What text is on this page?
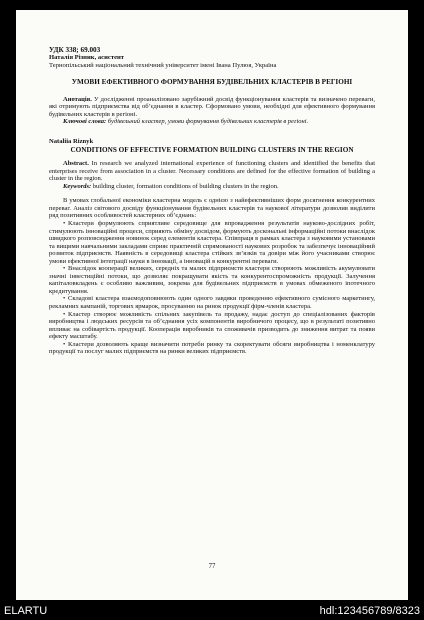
УДК 338; 69.003
Наталія Різник, асистент
Тернопільський національний технічний університет імені Івана Пулюя, Україна
УМОВИ ЕФЕКТИВНОГО ФОРМУВАННЯ БУДІВЕЛЬНИХ КЛАСТЕРІВ В РЕГІОНІ
Анотація. У дослідженні проаналізовано зарубіжний досвід функціонування кластерів та визначено переваги, які отримують підприємства від об’єднання в кластер. Сформовано умови, необхідні для ефективного формування будівельних кластерів в регіоні.
Ключові слова: будівельний кластер, умови формування будівельних кластерів в регіоні.
Nataliia Riznyk
CONDITIONS OF EFFECTIVE FORMATION BUILDING CLUSTERS IN THE REGION
Abstract. In research we analyzed international experience of functioning clusters and identified the benefits that enterprises receive from association in a cluster. Necessary conditions are defined for the effective formation of building a cluster in the region.
Keywords: building cluster, formation conditions of building clusters in the region.
В умовах глобальної економіки кластерна модель є однією з найефективніших форм досягнення конкурентних переваг. Аналіз світового досвіду функціонування будівельних кластерів та наукової літератури дозволив виділити ряд позитивних особливостей кластерних об’єднань:
• Кластери формулюють сприятливе середовище для впровадження результатів науково-дослідних робіт, стимулюють інноваційні процеси, сприяють обміну досвідом, формують доскональні інформаційні потоки внаслідок швидкого розповсюдження новинок серед елементів кластера. Співпраця в рамках кластера з науковими установами та вищими навчальними закладами сприяє практичній спрямованості наукових розробок та забезпечує інноваційний розвиток підприємств. Наявність в середовищі кластера стійких зв’язків та довіри між його учасниками створює умови ефективної інтеграції науки в інновації, а інновацій в конкурентні переваги.
• Внаслідок кооперації великих, середніх та малих підприємств кластери створюють можливість акумулювати значні інвестиційні потоки, що дозволяє покращувати якість та конкурентоспроможність продукції. Залучення капіталовкладень є особливо важливим, зокрема для будівельних підприємств в умовах обмеженого іпотечного кредитування.
• Складові кластера взаємодоповнюють один одного завдяки проведенню ефективного сумісного маркетингу, рекламних кампаній, торгових ярмарок, просуванню на ринок продукції фірм-членів кластера.
• Кластер створює можливість спільних закупівель та продажу, надає доступ до спеціалізованих факторів виробництва і людських ресурсів та об’єднання усіх компонентів виробничого процесу, що в результаті позитивно впливає на собівартість продукції. Кооперація виробників та споживачів призводить до зниження витрат та появи ефекту масштабу.
• Кластери дозволяють краще визначити потреби ринку та скоректувати обсяги виробництва і номенклатуру продукції та послуг малих підприємств на ринки великих підприємств.
77
ELARTU	hdl:123456789/8323
